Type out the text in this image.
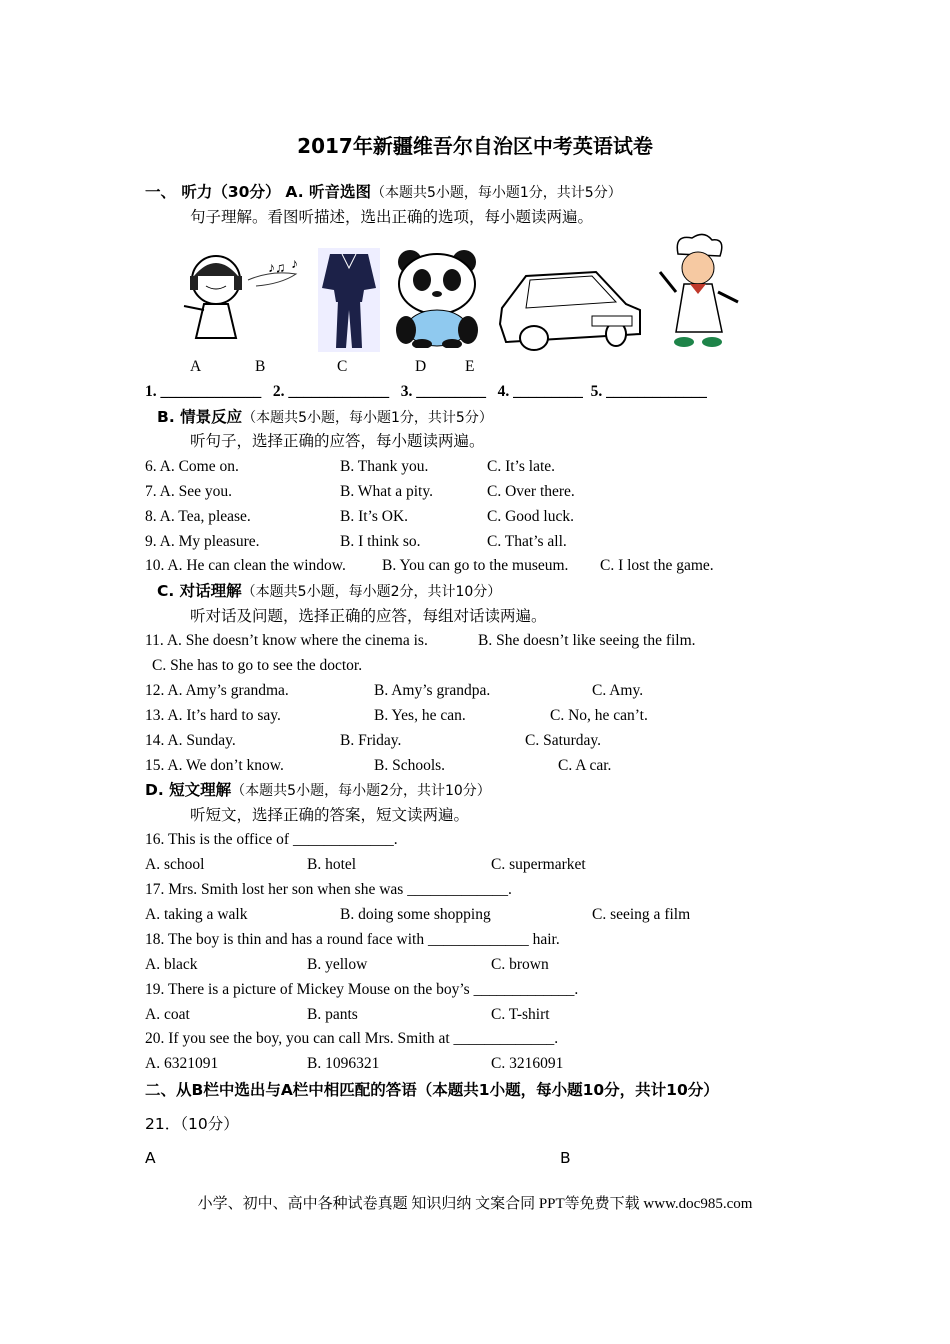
2017年新疆维吾尔自治区中考英语试卷
一、 听力（30分） A. 听音选图（本题共5小题，每小题1分，共计5分）
句子理解。看图听描述，选出正确的选项，每小题读两遍。
♪♫ ♪
A	B	C	D	E
1. _____________   2. _____________   3. _________   4. _________  5. _____________
B. 情景反应（本题共5小题，每小题1分，共计5分）
听句子，选择正确的应答，每小题读两遍。
6. A. Come on.	B. Thank you.	C. It’s late.
7. A. See you.	B. What a pity.	C. Over there.
8. A. Tea, please.	B. It’s OK.	C. Good luck.
9. A. My pleasure.	B. I think so.	C. That’s all.
10. A. He can clean the window. B. You can go to the museum. C. I lost the game.
C. 对话理解（本题共5小题，每小题2分，共计10分）
听对话及问题，选择正确的应答，每组对话读两遍。
11. A. She doesn’t know where the cinema is.	B. She doesn’t like seeing the film.
C. She has to go to see the doctor.
12. A. Amy’s grandma.	B. Amy’s grandpa.	C. Amy.
13. A. It’s hard to say.	B. Yes, he can.	C. No, he can’t.
14. A. Sunday.	B. Friday.	C. Saturday.
15. A. We don’t know.	B. Schools.	C. A car.
D. 短文理解（本题共5小题，每小题2分，共计10分）
听短文，选择正确的答案，短文读两遍。
16. This is the office of _____________.
A. school	B. hotel	C. supermarket
17. Mrs. Smith lost her son when she was _____________.
A. taking a walk	B. doing some shopping	C. seeing a film
18. The boy is thin and has a round face with _____________ hair.
A. black	B. yellow	C. brown
19. There is a picture of Mickey Mouse on the boy’s _____________.
A. coat	B. pants	C. T-shirt
20. If you see the boy, you can call Mrs. Smith at _____________.
A. 6321091	B. 1096321	C. 3216091
二、从B栏中选出与A栏中相匹配的答语（本题共1小题，每小题10分，共计10分）
21．（10分）
A	B
小学、初中、高中各种试卷真题 知识归纳 文案合同 PPT等免费下载 www.doc985.com
